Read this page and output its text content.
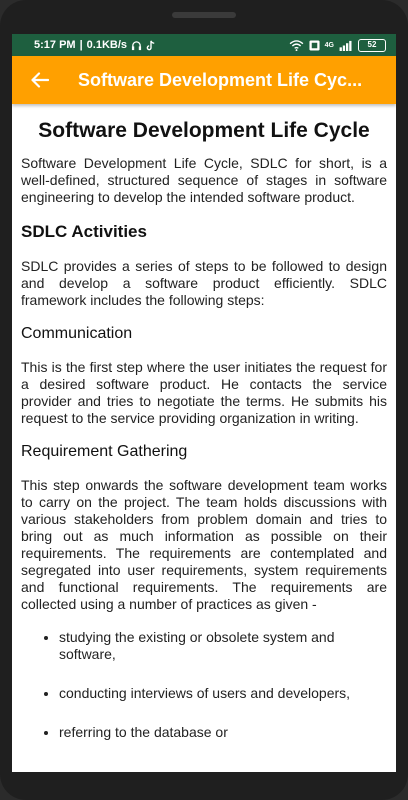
5:17 PM | 0.1KB/s	4G	52
Software Development Life Cyc...
Software Development Life Cycle

Software Development Life Cycle, SDLC for short, is a well-defined, structured sequence of stages in software engineering to develop the intended software product.

SDLC Activities

SDLC provides a series of steps to be followed to design and develop a software product efficiently. SDLC framework includes the following steps:

Communication

This is the first step where the user initiates the request for a desired software product. He contacts the service provider and tries to negotiate the terms. He submits his request to the service providing organization in writing.

Requirement Gathering

This step onwards the software development team works to carry on the project. The team holds discussions with various stakeholders from problem domain and tries to bring out as much information as possible on their requirements. The requirements are contemplated and segregated into user requirements, system requirements and functional requirements. The requirements are collected using a number of practices as given -

• studying the existing or obsolete system and software,
• conducting interviews of users and developers,
• referring to the database or
